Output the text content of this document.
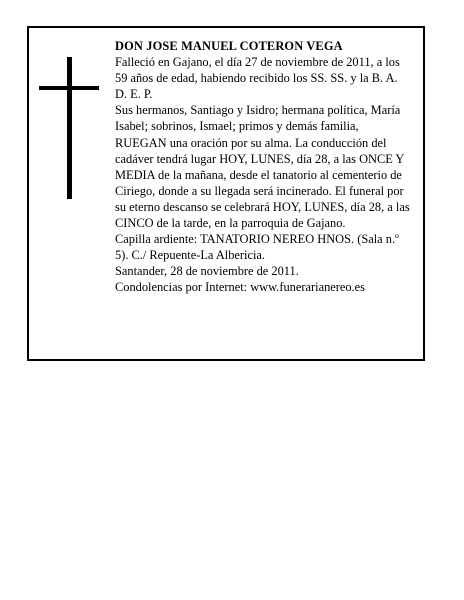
DON JOSE MANUEL COTERON VEGA

Falleció en Gajano, el día 27 de noviembre de 2011, a los 59 años de edad, habiendo recibido los SS. SS. y la B. A.

D. E. P.

Sus hermanos, Santiago y Isidro; hermana política, María Isabel; sobrinos, Ismael; primos y demás familia, RUEGAN una oración por su alma. La conducción del cadáver tendrá lugar HOY, LUNES, día 28, a las ONCE Y MEDIA de la mañana, desde el tanatorio al cementerio de Ciriego, donde a su llegada será incinerado. El funeral por su eterno descanso se celebrará HOY, LUNES, día 28, a las CINCO de la tarde, en la parroquia de Gajano.

Capilla ardiente: TANATORIO NEREO HNOS. (Sala n.º 5). C./ Repuente-La Albericia.

Santander, 28 de noviembre de 2011.

Condolencias por Internet: www.funerarianereo.es
